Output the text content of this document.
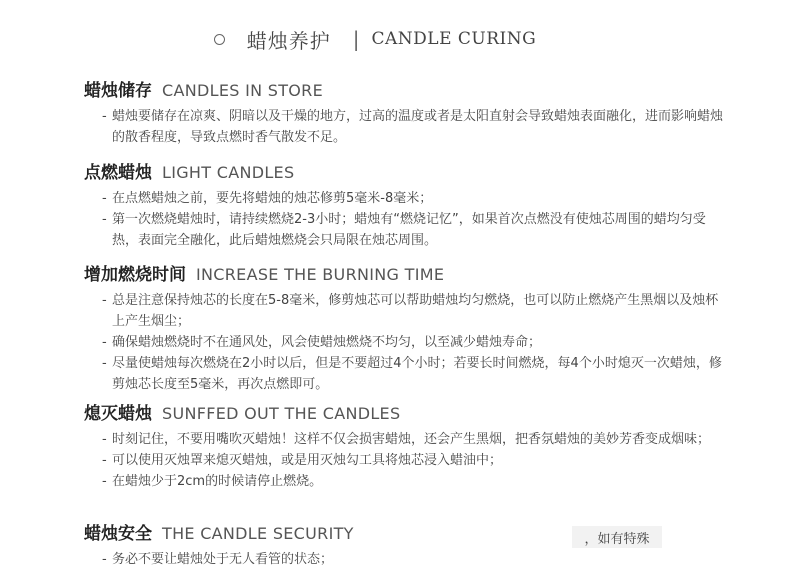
蜡烛养护 | CANDLE CURING
蜡烛储存 CANDLES IN STORE
- 蜡烛要储存在凉爽、阴暗以及干燥的地方，过高的温度或者是太阳直射会导致蜡烛表面融化，进而影响蜡烛的散香程度，导致点燃时香气散发不足。
点燃蜡烛 LIGHT CANDLES
- 在点燃蜡烛之前，要先将蜡烛的烛芯修剪5毫米-8毫米；
- 第一次燃烧蜡烛时，请持续燃烧2-3小时；蜡烛有“燃烧记忆”，如果首次点燃没有使烛芯周围的蜡均匀受热，表面完全融化，此后蜡烛燃烧会只局限在烛芯周围。
增加燃烧时间 INCREASE THE BURNING TIME
- 总是注意保持烛芯的长度在5-8毫米，修剪烛芯可以帮助蜡烛均匀燃烧，也可以防止燃烧产生黑烟以及烛杯上产生烟尘；
- 确保蜡烛燃烧时不在通风处，风会使蜡烛燃烧不均匀，以至减少蜡烛寿命；
- 尽量使蜡烛每次燃烧在2小时以后，但是不要超过4个小时；若要长时间燃烧，每4个小时熄灭一次蜡烛，修剪烛芯长度至5毫米，再次点燃即可。
熄灭蜡烛 SUNFFED OUT THE CANDLES
- 时刻记住，不要用嘴吹灭蜡烛！这样不仅会损害蜡烛，还会产生黑烟，把香氛蜡烛的美妙芳香变成烟味；
- 可以使用灭烛罩来熄灭蜡烛，或是用灭烛勾工具将烛芯浸入蜡油中；
- 在蜡烛少于2cm的时候请停止燃烧。
蜡烛安全 THE CANDLE SECURITY
- 务必不要让蜡烛处于无人看管的状态；
，如有特殊
